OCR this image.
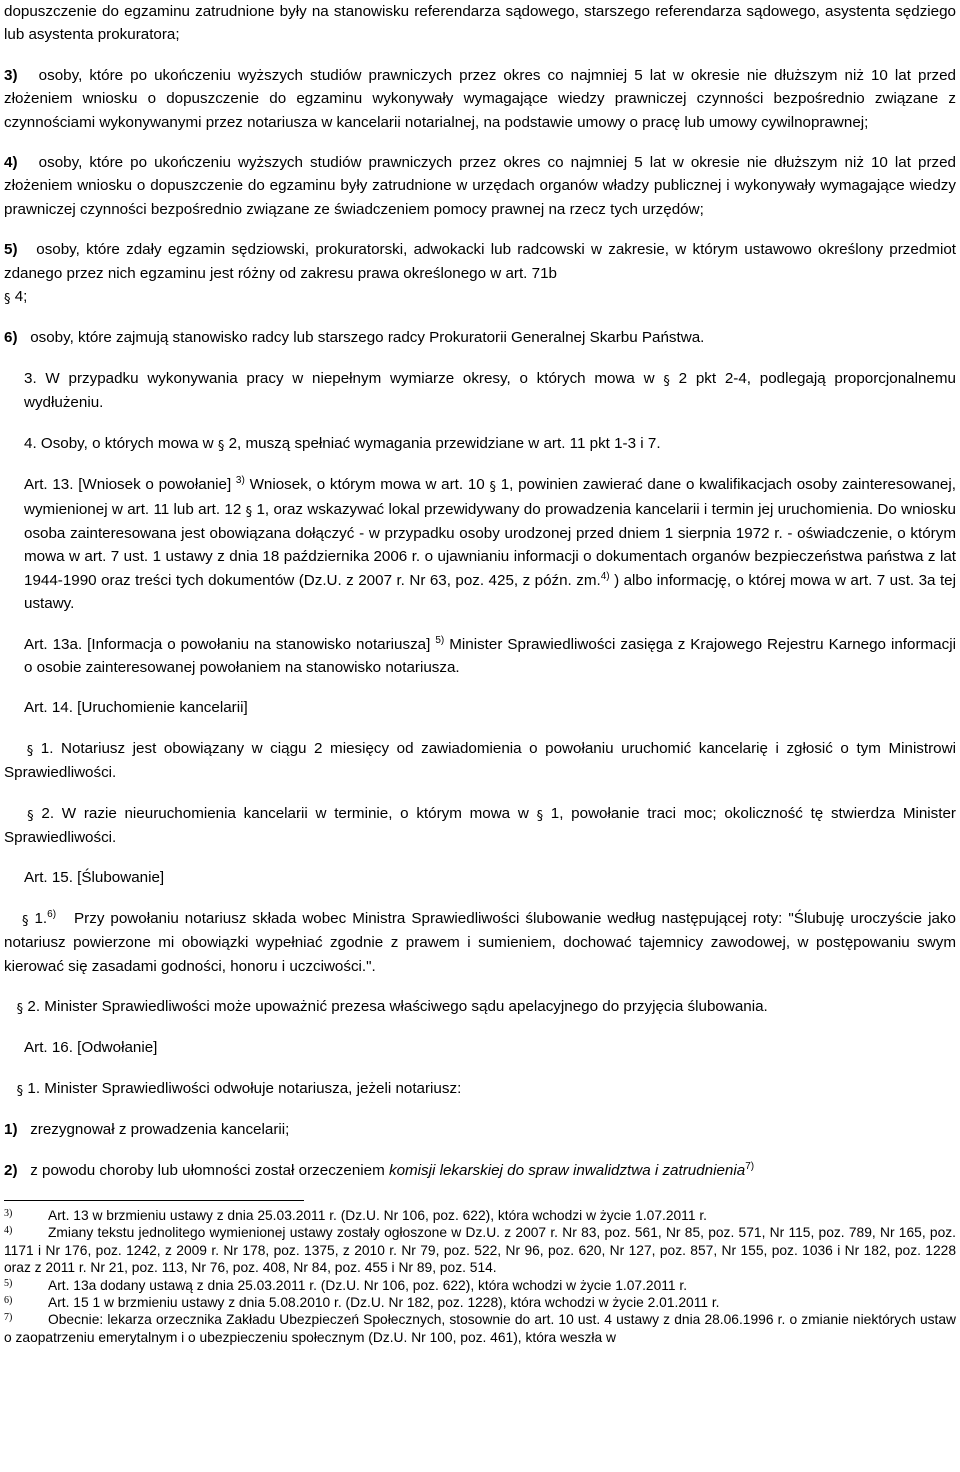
dopuszczenie do egzaminu zatrudnione były na stanowisku referendarza sądowego, starszego referendarza sądowego, asystenta sędziego lub asystenta prokuratora;

3) osoby, które po ukończeniu wyższych studiów prawniczych przez okres co najmniej 5 lat w okresie nie dłuższym niż 10 lat przed złożeniem wniosku o dopuszczenie do egzaminu wykonywały wymagające wiedzy prawniczej czynności bezpośrednio związane z czynnościami wykonywanymi przez notariusza w kancelarii notarialnej, na podstawie umowy o pracę lub umowy cywilnoprawnej;

4) osoby, które po ukończeniu wyższych studiów prawniczych przez okres co najmniej 5 lat w okresie nie dłuższym niż 10 lat przed złożeniem wniosku o dopuszczenie do egzaminu były zatrudnione w urzędach organów władzy publicznej i wykonywały wymagające wiedzy prawniczej czynności bezpośrednio związane ze świadczeniem pomocy prawnej na rzecz tych urzędów;

5) osoby, które zdały egzamin sędziowski, prokuratorski, adwokacki lub radcowski w zakresie, w którym ustawowo określony przedmiot zdanego przez nich egzaminu jest różny od zakresu prawa określonego w art. 71b
§ 4;

6) osoby, które zajmują stanowisko radcy lub starszego radcy Prokuratorii Generalnej Skarbu Państwa.

3. W przypadku wykonywania pracy w niepełnym wymiarze okresy, o których mowa w § 2 pkt 2-4, podlegają proporcjonalnemu wydłużeniu.

4. Osoby, o których mowa w § 2, muszą spełniać wymagania przewidziane w art. 11 pkt 1-3 i 7.

Art. 13. [Wniosek o powołanie] $^{3)}$ Wniosek, o którym mowa w art. 10 § 1, powinien zawierać dane o kwalifikacjach osoby zainteresowanej, wymienionej w art. 11 lub art. 12 § 1, oraz wskazywać lokal przewidywany do prowadzenia kancelarii i termin jej uruchomienia. Do wniosku osoba zainteresowana jest obowiązana dołączyć - w przypadku osoby urodzonej przed dniem 1 sierpnia 1972 r. - oświadczenie, o którym mowa w art. 7 ust. 1 ustawy z dnia 18 października 2006 r. o ujawnianiu informacji o dokumentach organów bezpieczeństwa państwa z lat 1944-1990 oraz treści tych dokumentów (Dz.U. z 2007 r. Nr 63, poz. 425, z późn. zm.$^{4)}$ ) albo informację, o której mowa w art. 7 ust. 3a tej ustawy.

Art. 13a. [Informacja o powołaniu na stanowisko notariusza] $^{5)}$ Minister Sprawiedliwości zasięga z Krajowego Rejestru Karnego informacji o osobie zainteresowanej powołaniem na stanowisko notariusza.

Art. 14. [Uruchomienie kancelarii]

§ 1. Notariusz jest obowiązany w ciągu 2 miesięcy od zawiadomienia o powołaniu uruchomić kancelarię i zgłosić o tym Ministrowi Sprawiedliwości.

§ 2. W razie nieuruchomienia kancelarii w terminie, o którym mowa w § 1, powołanie traci moc; okoliczność tę stwierdza Minister Sprawiedliwości.

Art. 15. [Ślubowanie]

§ 1.$^{6)}$ Przy powołaniu notariusz składa wobec Ministra Sprawiedliwości ślubowanie według następującej roty: "Ślubuję uroczyście jako notariusz powierzone mi obowiązki wypełniać zgodnie z prawem i sumieniem, dochować tajemnicy zawodowej, w postępowaniu swym kierować się zasadami godności, honoru i uczciwości.".

§ 2. Minister Sprawiedliwości może upoważnić prezesa właściwego sądu apelacyjnego do przyjęcia ślubowania.

Art. 16. [Odwołanie]

§ 1. Minister Sprawiedliwości odwołuje notariusza, jeżeli notariusz:

1) zrezygnował z prowadzenia kancelarii;

2) z powodu choroby lub ułomności został orzeczeniem komisji lekarskiej do spraw inwalidztwa i zatrudnienia$^{7)}$

3)	Art. 13 w brzmieniu ustawy z dnia 25.03.2011 r. (Dz.U. Nr 106, poz. 622), która wchodzi w życie 1.07.2011 r.

4)	Zmiany tekstu jednolitego wymienionej ustawy zostały ogłoszone w Dz.U. z 2007 r. Nr 83, poz. 561, Nr 85, poz. 571, Nr 115, poz. 789, Nr 165, poz. 1171 i Nr 176, poz. 1242, z 2009 r. Nr 178, poz. 1375, z 2010 r. Nr 79, poz. 522, Nr 96, poz. 620, Nr 127, poz. 857, Nr 155, poz. 1036 i Nr 182, poz. 1228 oraz z 2011 r. Nr 21, poz. 113, Nr 76, poz. 408, Nr 84, poz. 455 i Nr 89, poz. 514.

5)	Art. 13a dodany ustawą z dnia 25.03.2011 r. (Dz.U. Nr 106, poz. 622), która wchodzi w życie 1.07.2011 r.

6)	Art. 15 1 w brzmieniu ustawy z dnia 5.08.2010 r. (Dz.U. Nr 182, poz. 1228), która wchodzi w życie 2.01.2011 r.

7)	Obecnie: lekarza orzecznika Zakładu Ubezpieczeń Społecznych, stosownie do art. 10 ust. 4 ustawy z dnia 28.06.1996 r. o zmianie niektórych ustaw o zaopatrzeniu emerytalnym i o ubezpieczeniu społecznym (Dz.U. Nr 100, poz. 461), która weszła w
